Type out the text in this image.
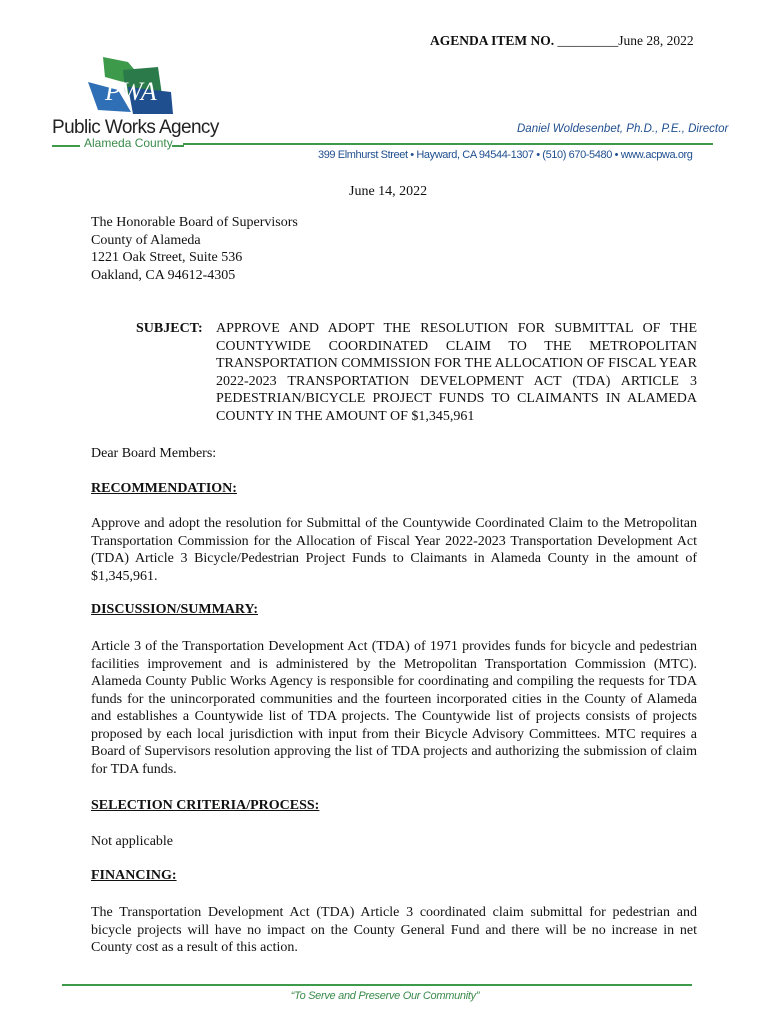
AGENDA ITEM NO. _________June 28, 2022
PWA
Public Works Agency
Alameda County
Daniel Woldesenbet, Ph.D., P.E., Director
399 Elmhurst Street • Hayward, CA 94544-1307 • (510) 670-5480 • www.acpwa.org
June 14, 2022
The Honorable Board of Supervisors
County of Alameda
1221 Oak Street, Suite 536
Oakland, CA 94612-4305
SUBJECT: APPROVE AND ADOPT THE RESOLUTION FOR SUBMITTAL OF THE COUNTYWIDE COORDINATED CLAIM TO THE METROPOLITAN TRANSPORTATION COMMISSION FOR THE ALLOCATION OF FISCAL YEAR 2022-2023 TRANSPORTATION DEVELOPMENT ACT (TDA) ARTICLE 3 PEDESTRIAN/BICYCLE PROJECT FUNDS TO CLAIMANTS IN ALAMEDA COUNTY IN THE AMOUNT OF $1,345,961
Dear Board Members:
RECOMMENDATION:
Approve and adopt the resolution for Submittal of the Countywide Coordinated Claim to the Metropolitan Transportation Commission for the Allocation of Fiscal Year 2022-2023 Transportation Development Act (TDA) Article 3 Bicycle/Pedestrian Project Funds to Claimants in Alameda County in the amount of $1,345,961.
DISCUSSION/SUMMARY:
Article 3 of the Transportation Development Act (TDA) of 1971 provides funds for bicycle and pedestrian facilities improvement and is administered by the Metropolitan Transportation Commission (MTC). Alameda County Public Works Agency is responsible for coordinating and compiling the requests for TDA funds for the unincorporated communities and the fourteen incorporated cities in the County of Alameda and establishes a Countywide list of TDA projects. The Countywide list of projects consists of projects proposed by each local jurisdiction with input from their Bicycle Advisory Committees. MTC requires a Board of Supervisors resolution approving the list of TDA projects and authorizing the submission of claim for TDA funds.
SELECTION CRITERIA/PROCESS:
Not applicable
FINANCING:
The Transportation Development Act (TDA) Article 3 coordinated claim submittal for pedestrian and bicycle projects will have no impact on the County General Fund and there will be no increase in net County cost as a result of this action.
“To Serve and Preserve Our Community”
